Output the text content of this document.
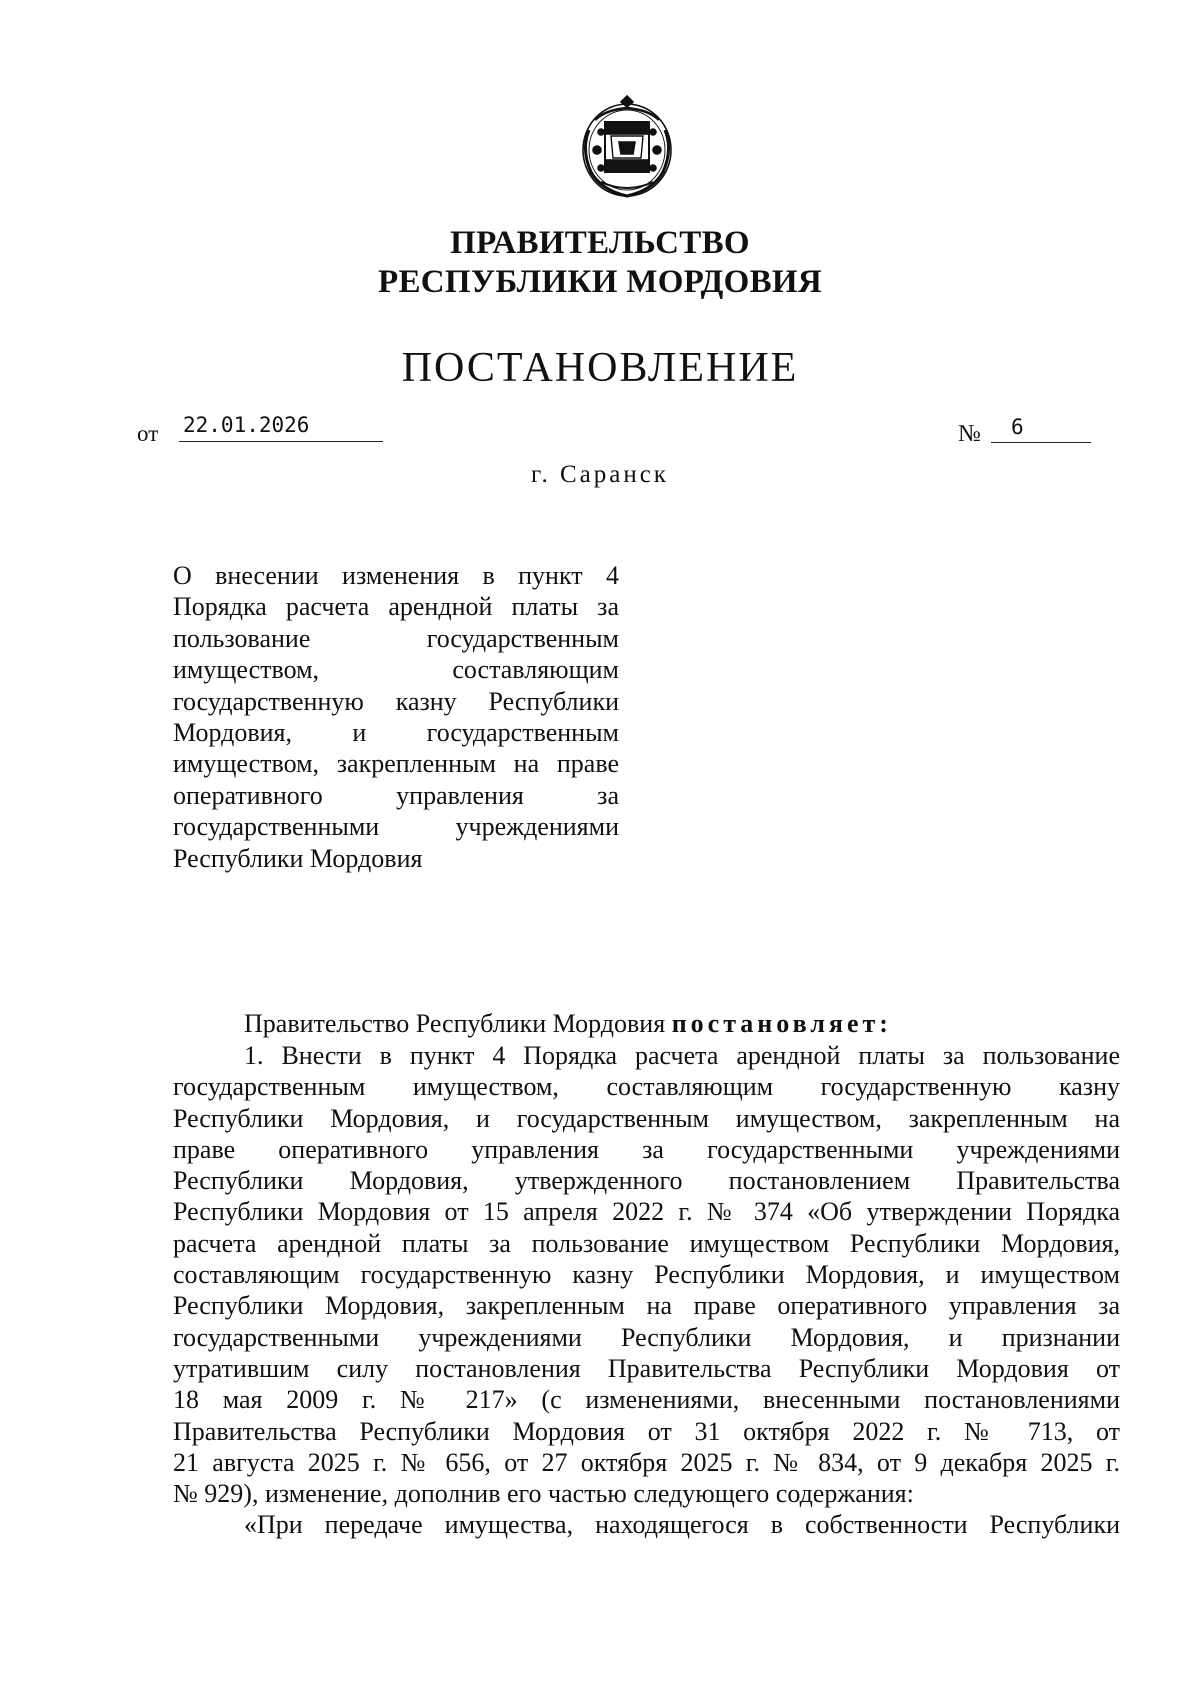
ПРАВИТЕЛЬСТВО
РЕСПУБЛИКИ МОРДОВИЯ
ПОСТАНОВЛЕНИЕ
от 22.01.2026	№	6
г. Саранск
О внесении изменения в пункт 4
Порядка расчета арендной платы за
пользование государственным
имуществом, составляющим
государственную казну Республики
Мордовия, и государственным
имуществом, закрепленным на праве
оперативного управления за
государственными учреждениями
Республики Мордовия
Правительство Республики Мордовия постановляет:
1. Внести в пункт 4 Порядка расчета арендной платы за пользование
государственным имуществом, составляющим государственную казну
Республики Мордовия, и государственным имуществом, закрепленным на
праве оперативного управления за государственными учреждениями
Республики Мордовия, утвержденного постановлением Правительства
Республики Мордовия от 15 апреля 2022 г. № 374 «Об утверждении Порядка
расчета арендной платы за пользование имуществом Республики Мордовия,
составляющим государственную казну Республики Мордовия, и имуществом
Республики Мордовия, закрепленным на праве оперативного управления за
государственными учреждениями Республики Мордовия, и признании
утратившим силу постановления Правительства Республики Мордовия от
18 мая 2009 г. № 217» (с изменениями, внесенными постановлениями
Правительства Республики Мордовия от 31 октября 2022 г. № 713, от
21 августа 2025 г. № 656, от 27 октября 2025 г. № 834, от 9 декабря 2025 г.
№ 929), изменение, дополнив его частью следующего содержания:
«При передаче имущества, находящегося в собственности Республики
